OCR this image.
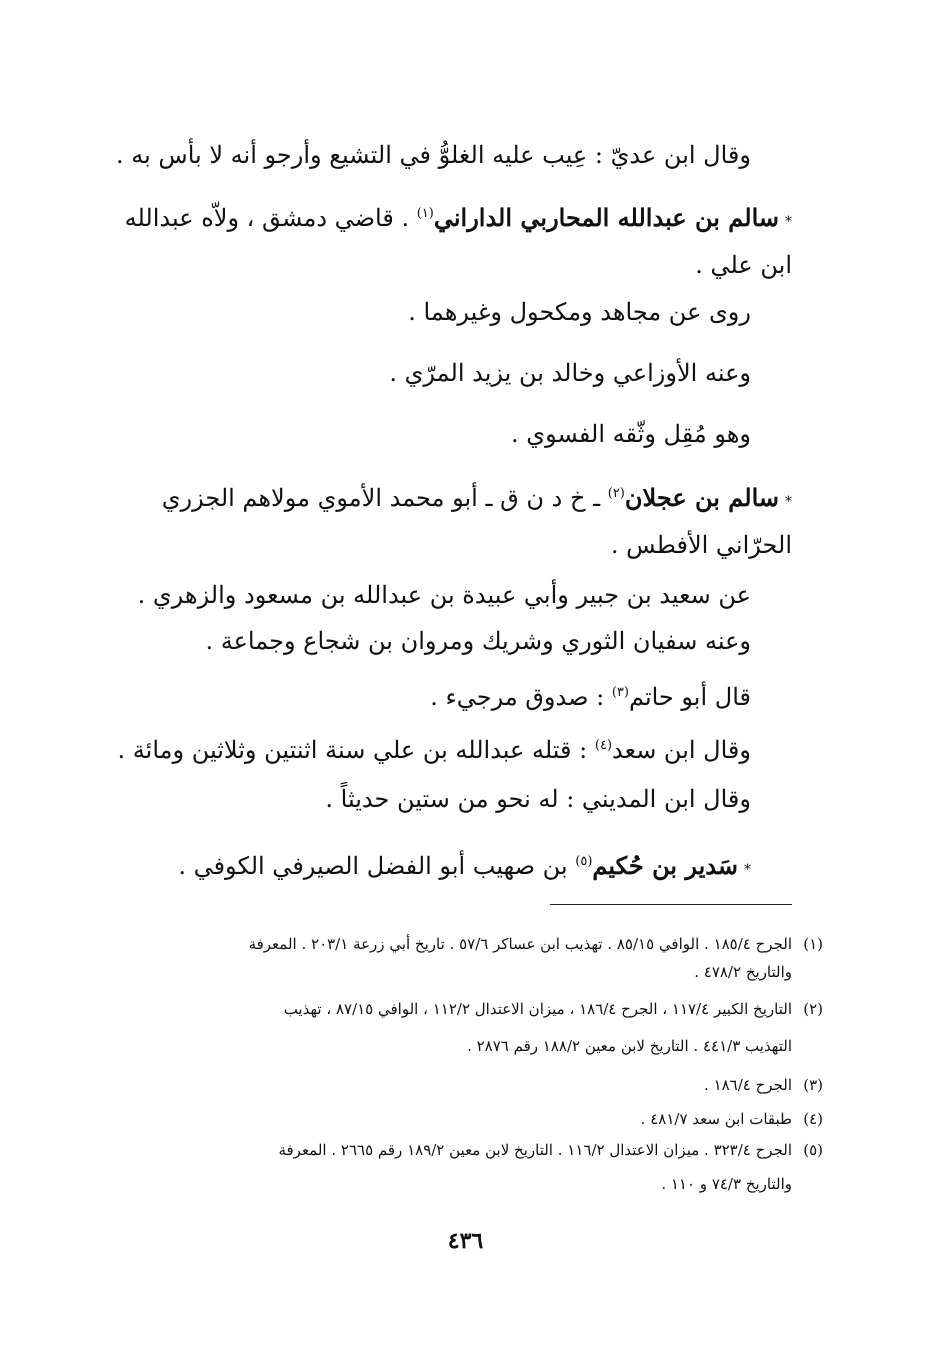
وقال ابن عديّ : عِيب عليه الغلوُّ في التشيع وأرجو أنه لا بأس به .
*سالم بن عبدالله المحاربي الداراني$^{(١)}$ . قاضي دمشق ، ولاّه عبدالله
ابن علي .
روى عن مجاهد ومكحول وغيرهما .
وعنه الأوزاعي وخالد بن يزيد المرّي .
وهو مُقِل وثّقه الفسوي .
*سالم بن عجلان$^{(٢)}$ ـ خ د ن ق ـ أبو محمد الأموي مولاهم الجزري
الحرّاني الأفطس .
عن سعيد بن جبير وأبي عبيدة بن عبدالله بن مسعود والزهري .
وعنه سفيان الثوري وشريك ومروان بن شجاع وجماعة .
قال أبو حاتم$^{(٣)}$ : صدوق مرجيء .
وقال ابن سعد$^{(٤)}$ : قتله عبدالله بن علي سنة اثنتين وثلاثين ومائة .
وقال ابن المديني : له نحو من ستين حديثاً .
*سَدير بن حُكيم$^{(٥)}$ بن صهيب أبو الفضل الصيرفي الكوفي .
(١)
الجرح ١٨٥/٤ . الوافي ٨٥/١٥ . تهذيب ابن عساكر ٥٧/٦ . تاريخ أبي زرعة ٢٠٣/١ . المعرفة
والتاريخ ٤٧٨/٢ .
(٢)
التاريخ الكبير ١١٧/٤ ، الجرح ١٨٦/٤ ، ميزان الاعتدال ١١٢/٢ ، الوافي ٨٧/١٥ ، تهذيب
التهذيب ٤٤١/٣ . التاريخ لابن معين ١٨٨/٢ رقم ٢٨٧٦ .
(٣)
الجرح ١٨٦/٤ .
(٤)
طبقات ابن سعد ٤٨١/٧ .
(٥)
الجرح ٣٢٣/٤ . ميزان الاعتدال ١١٦/٢ . التاريخ لابن معين ١٨٩/٢ رقم ٢٦٦٥ . المعرفة
والتاريخ ٧٤/٣ و ١١٠ .
٤٣٦
